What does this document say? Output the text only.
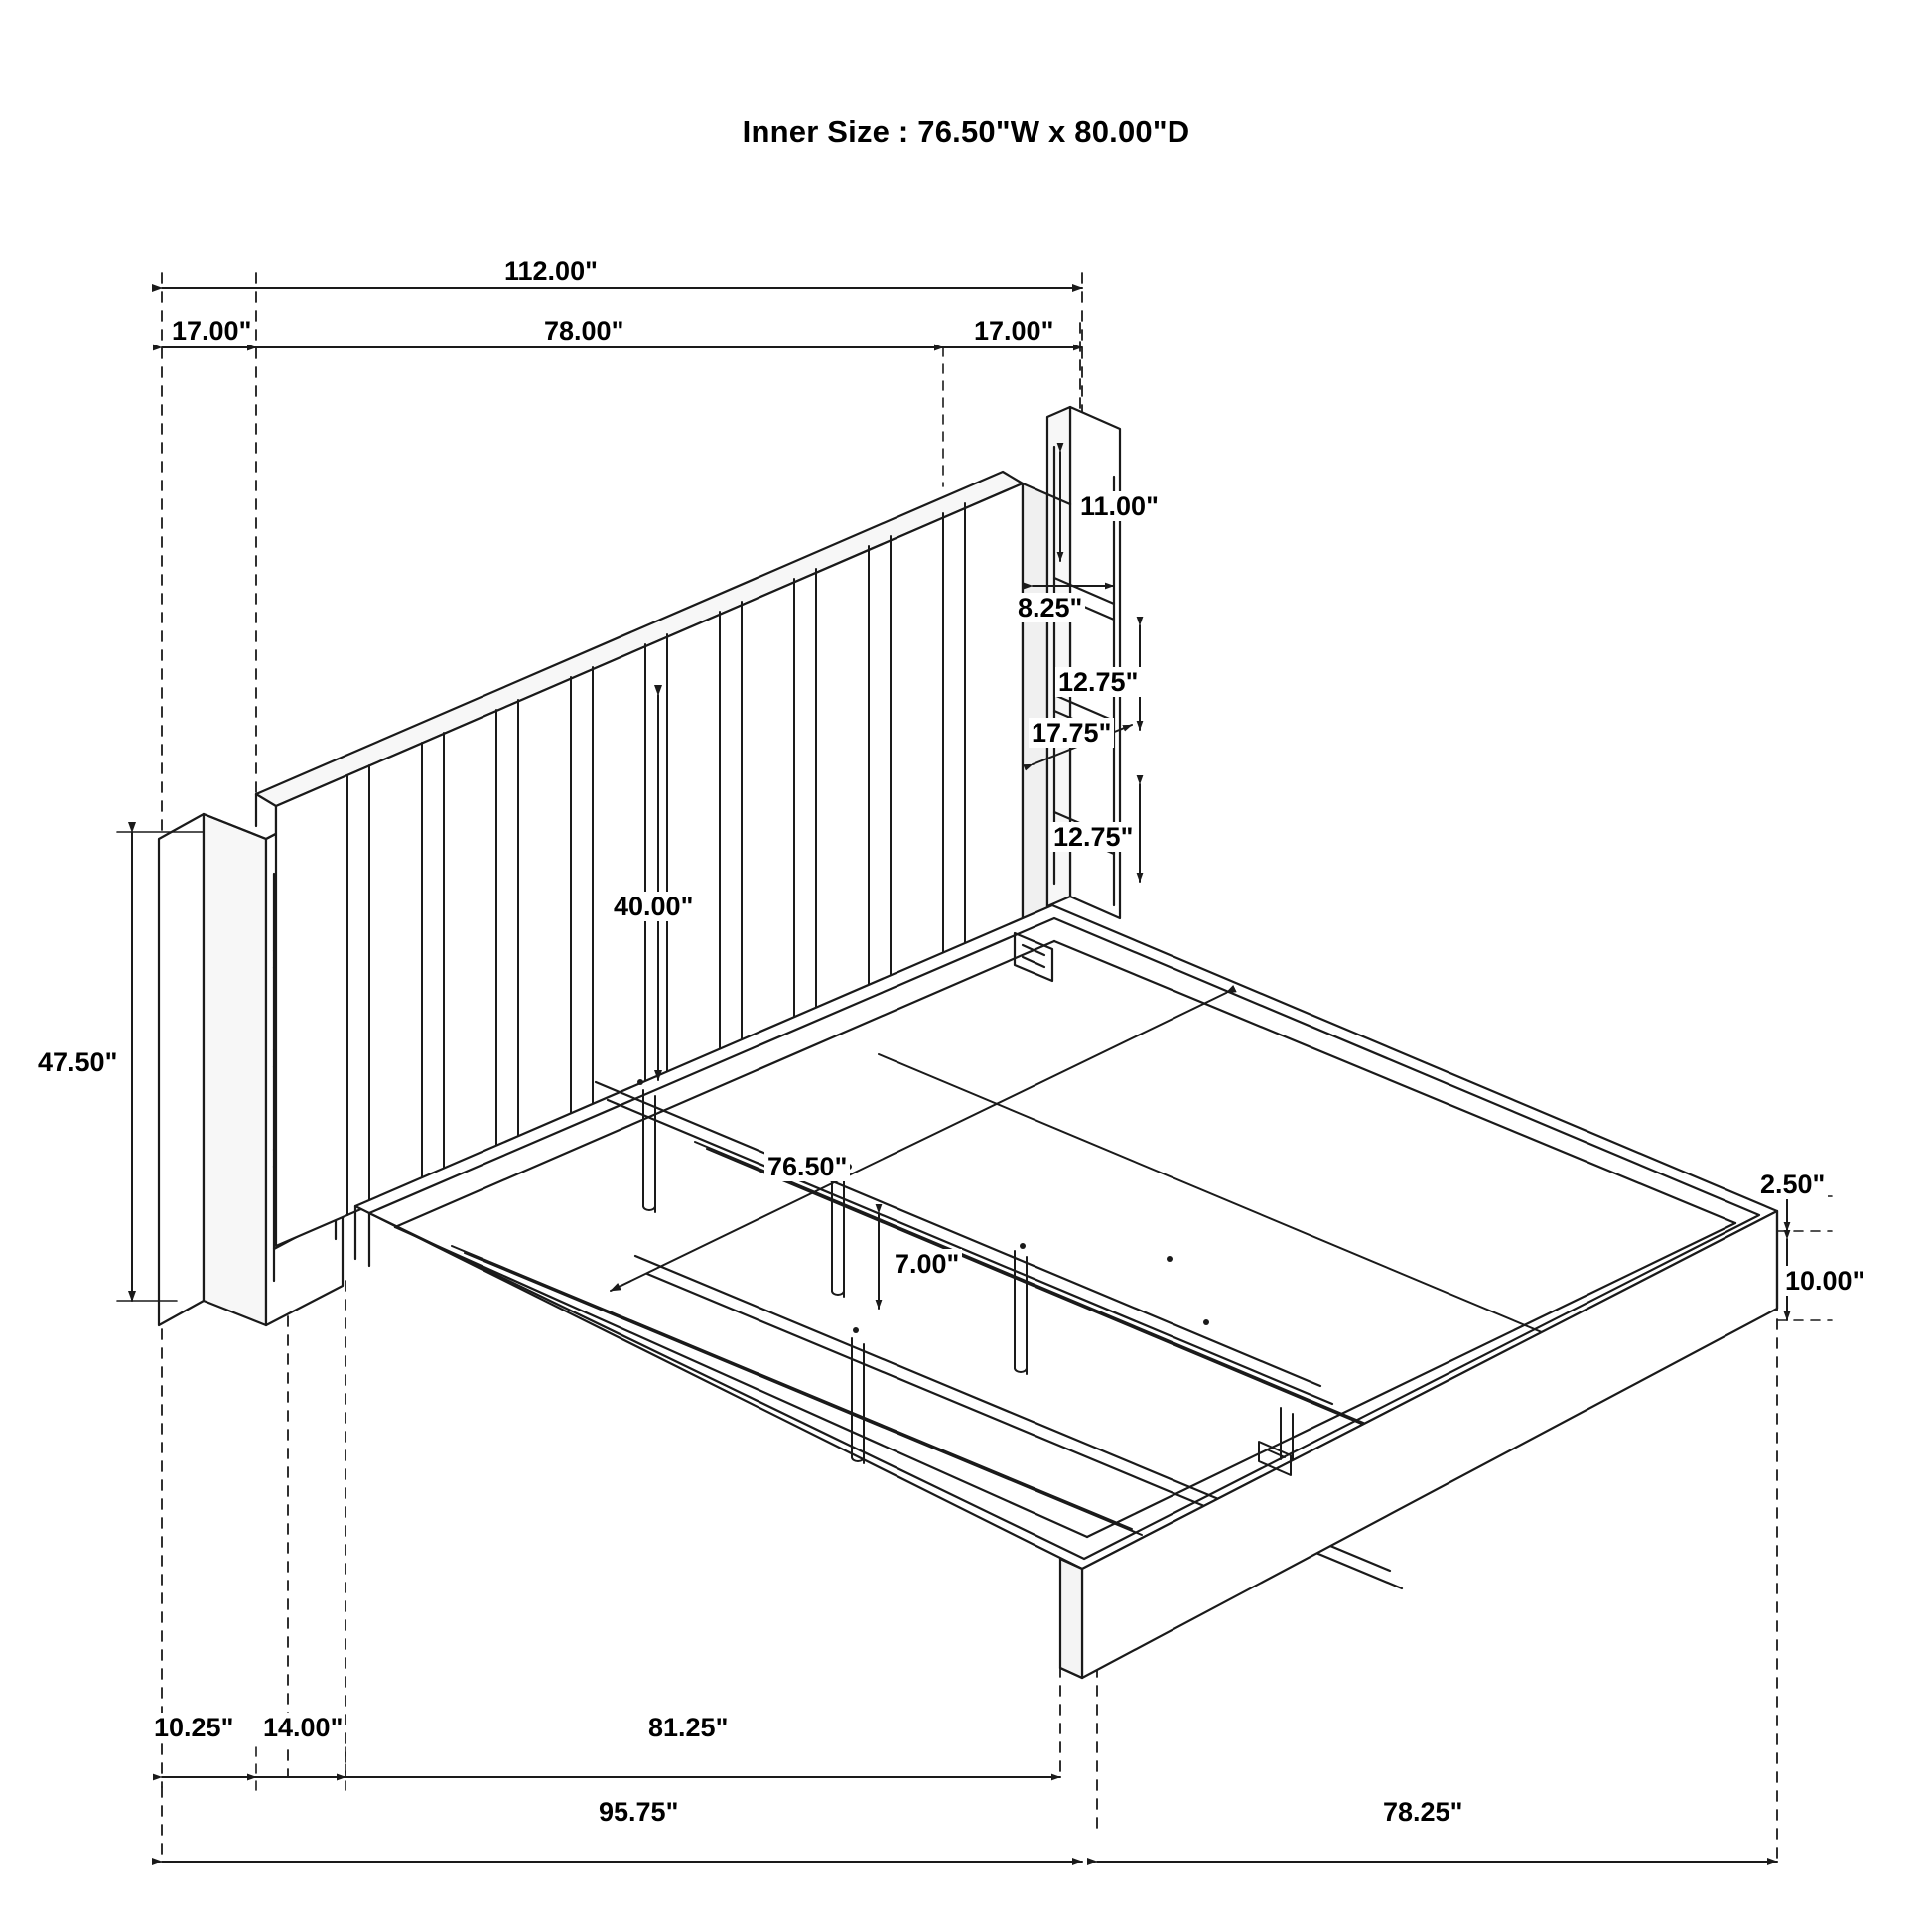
Inner Size : 76.50"W x 80.00"D
112.00"
17.00"	78.00"	17.00"
11.00"
8.25"
12.75"
17.75"
12.75"
40.00"
47.50"
76.50"
7.00"
2.50"
10.00"
10.25" 14.00"	81.25"
95.75"	78.25"
